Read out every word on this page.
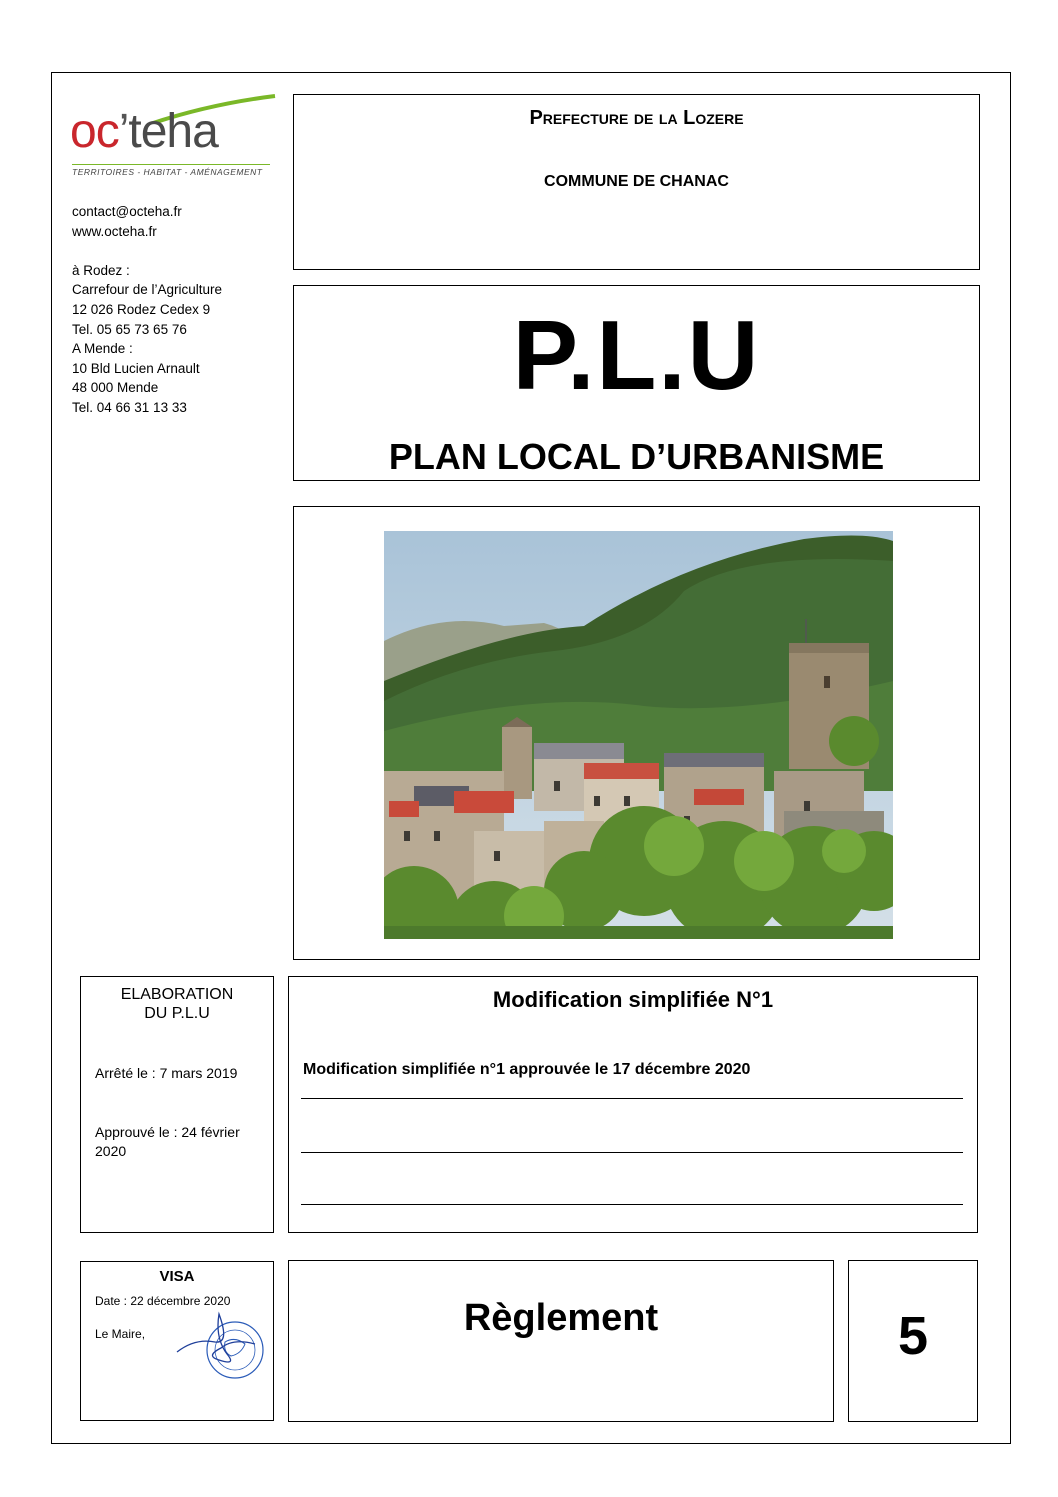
oc’teha
TERRITOIRES - HABITAT - AMÉNAGEMENT
contact@octeha.fr
www.octeha.fr
à Rodez :
Carrefour de l’Agriculture
12 026 Rodez Cedex 9
Tel. 05 65 73 65 76
A Mende :
10 Bld Lucien Arnault
48 000 Mende
Tel. 04 66 31 13 33
Prefecture de la Lozere
COMMUNE DE CHANAC
P.L.U
PLAN LOCAL D’URBANISME
ELABORATION
DU P.L.U
Arrêté le : 7 mars 2019
Approuvé le : 24 février 2020
Modification simplifiée N°1
Modification simplifiée n°1 approuvée le 17 décembre 2020
VISA
Date : 22 décembre 2020
Le Maire,	Règlement	5
